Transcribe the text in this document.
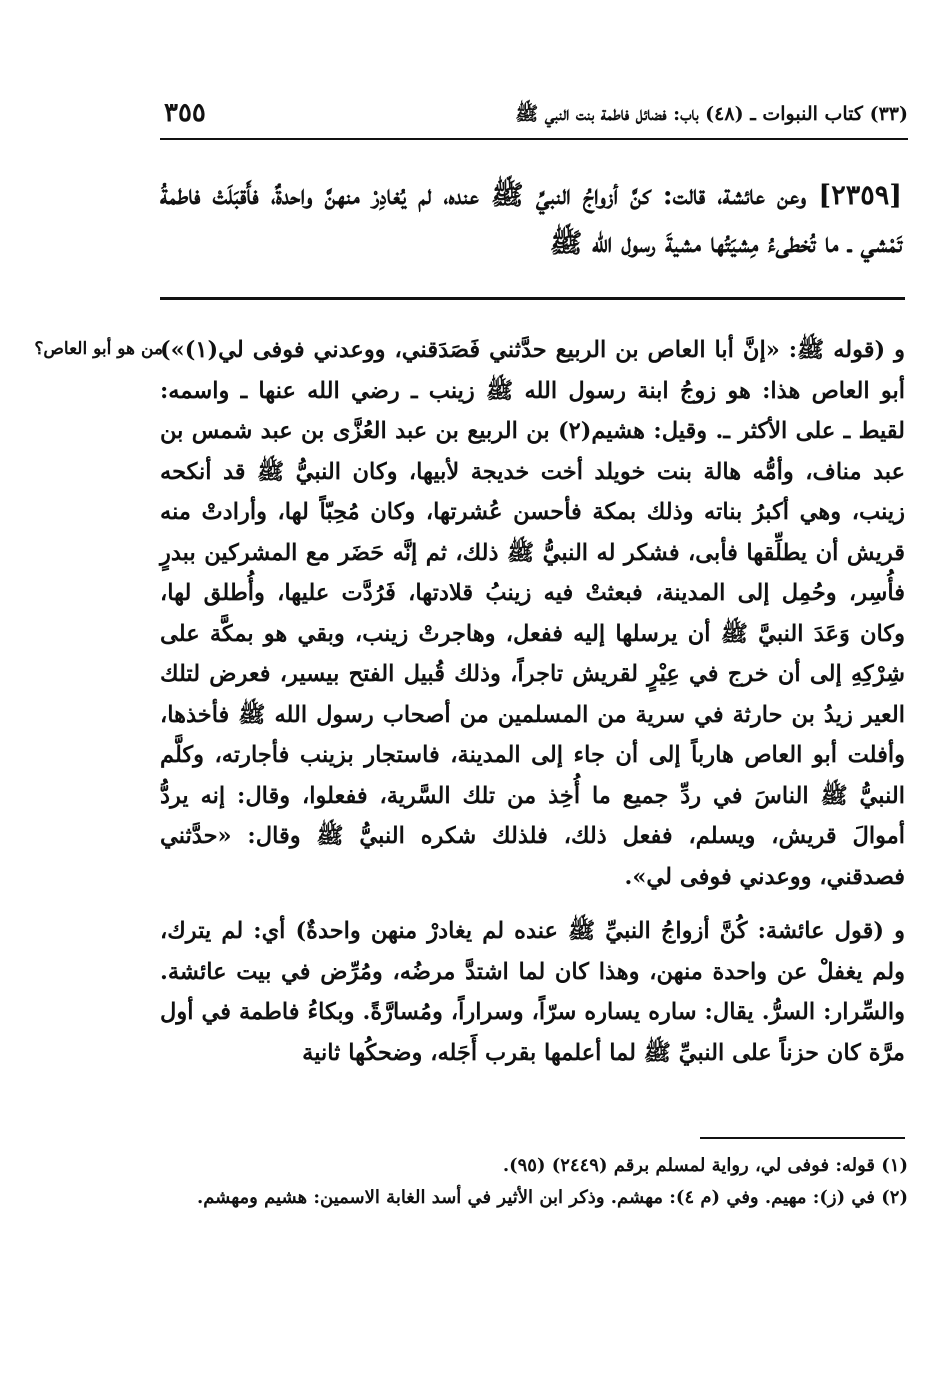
٣٥٥	(٣٣) كتاب النبوات ـ (٤٨) باب: فضائل فاطمة بنت النبي ﷺ

[٢٣٥٩] وعن عائشة، قالت: كنَّ أزواجُ النبيِّ ﷺ عنده، لم يُغادِرْ منهنَّ واحدةٌ، فأَقبَلَتْ فاطمةُ تَمْشي ـ ما تُخطىءُ مِشيَتُها مشيةَ رسول الله ﷺ

من هو أبو العاص؟

و (قوله ﷺ: «إنَّ أبا العاص بن الربيع حدَّثني فَصَدَقني، ووعدني فوفى لي(١)») أبو العاص هذا: هو زوجُ ابنة رسول الله ﷺ زينب ـ رضي الله عنها ـ واسمه: لقيط ـ على الأكثر ـ. وقيل: هشيم(٢) بن الربيع بن عبد العُزَّى بن عبد شمس بن عبد مناف، وأمُّه هالة بنت خويلد أخت خديجة لأبيها، وكان النبيُّ ﷺ قد أنكحه زينب، وهي أكبرُ بناته وذلك بمكة فأحسن عُشرتها، وكان مُحِبّاً لها، وأرادتْ منه قريش أن يطلِّقها فأبى، فشكر له النبيُّ ﷺ ذلك، ثم إنَّه حَضَر مع المشركين ببدرٍ فأُسِر، وحُمِل إلى المدينة، فبعثتْ فيه زينبُ قلادتها، فَرُدَّت عليها، وأُطلق لها، وكان وَعَدَ النبيَّ ﷺ أن يرسلها إليه ففعل، وهاجرتْ زينب، وبقي هو بمكَّة على شِرْكِهِ إلى أن خرج في عِيْرٍ لقريش تاجراً، وذلك قُبيل الفتح بيسير، فعرض لتلك العير زيدُ بن حارثة في سرية من المسلمين من أصحاب رسول الله ﷺ فأخذها، وأفلت أبو العاص هارباً إلى أن جاء إلى المدينة، فاستجار بزينب فأجارته، وكلَّم النبيُّ ﷺ الناسَ في ردِّ جميع ما أُخِذ من تلك السَّرية، ففعلوا، وقال: إنه يردُّ أموالَ قريش، ويسلم، ففعل ذلك، فلذلك شكره النبيُّ ﷺ وقال: «حدَّثني فصدقني، ووعدني فوفى لي».

و (قول عائشة: كُنَّ أزواجُ النبيِّ ﷺ عنده لم يغادرْ منهن واحدةٌ) أي: لم يترك، ولم يغفلْ عن واحدة منهن، وهذا كان لما اشتدَّ مرضُه، ومُرِّض في بيت عائشة. والسِّرار: السرُّ. يقال: ساره يساره سرّاً، وسراراً، ومُسارَّةً. وبكاءُ فاطمة في أول مرَّة كان حزناً على النبيِّ ﷺ لما أعلمها بقرب أَجَله، وضحكُها ثانية

(١) قوله: فوفى لي، رواية لمسلم برقم (٢٤٤٩) (٩٥).

(٢) في (ز): مهيم. وفي (م ٤): مهشم. وذكر ابن الأثير في أسد الغابة الاسمين: هشيم ومهشم.
